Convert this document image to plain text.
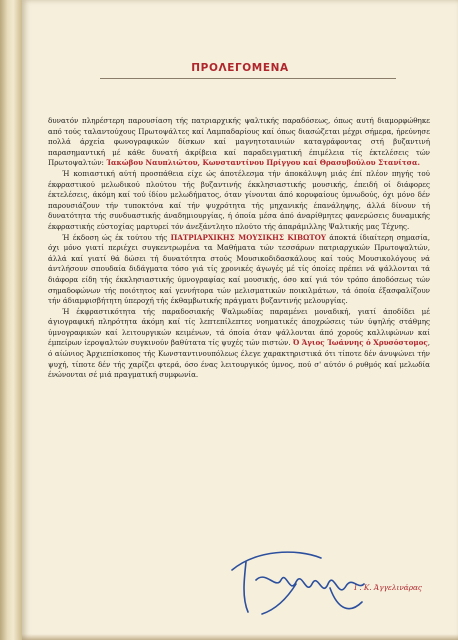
ΠΡΟΛΕΓΟΜΕΝΑ

δυνατόν πληρέστερη παρουσίαση τής πατριαρχικής ψαλτικής παραδόσεως, όπως αυτή διαμορφώθηκε από τούς ταλαντούχους Πρωτοψάλτες καί Λαμπαδαρίους καί όπως διασώζεται μέχρι σήμερα, ήρεύνησε πολλά άρχεία φωνογραφικών δίσκων καί μαγνητοταινιών καταγράφοντας στή βυζαντινή παρασημαντική μέ κάθε δυνατή άκρίβεια καί παραδειγματική έπιμέλεια τίς έκτελέσεις τών Πρωτοψαλτών: Ίακώβου Ναυπλιώτου, Κωνσταντίνου Πρίγγου καί Θρασυβούλου Στανίτσα.

Ή κοπιαστική αύτή προσπάθεια είχε ώς άποτέλεσμα τήν άποκάλυψη μιάς έπί πλέον πηγής τού έκφραστικού μελωδικού πλούτου τής βυζαντινής έκκλησιαστικής μουσικής, έπειδή οί διάφορες έκτελέσεις, άκόμη καί τού ίδίου μελωδήματος, όταν γίνονται άπό κορυφαίους ύμνωδούς, όχι μόνο δέν παρουσιάζουν τήν τυποκτόνα καί τήν ψυχρότητα τής μηχανικής έπανάληψης, άλλά δίνουν τή δυνατότητα τής συνδυαστικής άναδημιουργίας, ή όποία μέσα άπό άναρίθμητες φανερώσεις δυναμικής έκφραστικής εύστοχίας μαρτυρεί τόν άνεξάντλητο πλούτο τής άπαράμιλλης Ψαλτικής μας Τέχνης.

Ή έκδοση ώς έκ τούτου τής ΠΑΤΡΙΑΡΧΙΚΗΣ ΜΟΥΣΙΚΗΣ ΚΙΒΩΤΟΥ άποκτά ίδιαίτερη σημασία, όχι μόνο γιατί περιέχει συγκεντρωμένα τα Μαθήματα τών τεσσάρων πατριαρχικών Πρωτοψαλτών, άλλά καί γιατί θά δώσει τή δυνατότητα στούς Μουσικοδιδασκάλους καί τούς Μουσικολόγους νά άντλήσουν σπουδαία διδάγματα τόσο γιά τίς χρονικές άγωγές μέ τίς όποίες πρέπει νά ψάλλονται τά διάφορα είδη τής έκκλησιαστικής ύμνογραφίας καί μουσικής, όσο καί γιά τόν τρόπο άποδόσεως τών σημαδοφώνων τής ποιότητος καί γεννήτορα τών μελισματικών ποικιλμάτων, τά όποία έξασφαλίζουν τήν άδιαμφισβήτητη ύπεροχή τής έκθαμβωτικής πράγματι βυζαντινής μελουργίας.

Ή έκφραστικότητα τής παραδοσιακής Ψαλμωδίας παραμένει μοναδική, γιατί άποδίδει μέ άγιογραφική πληρότητα άκόμη καί τίς λεπτεπίλεπτες νοηματικές άποχρώσεις τών ύψηλής στάθμης ύμνογραφικών καί λειτουργικών κειμένων, τά όποία όταν ψάλλονται άπό χορούς καλλιφώνων καί έμπείρων ίεροψαλτών συγκινούν βαθύτατα τίς ψυχές τών πιστών. Ό Άγιος Ίωάννης ό Χρυσόστομος, ό αίώνιος Άρχιεπίσκοπος τής Κωνσταντινουπόλεως έλεγε χαρακτηριστικά ότι τίποτε δέν άνυψώνει τήν ψυχή, τίποτε δέν τής χαρίζει φτερά, όσο ένας λειτουργικός ύμνος, πού σ' αύτόν ό ρυθμός καί μελωδία ένώνονται σέ μιά πραγματική συμφωνία.

Γ. Κ. Άγγελινάρας
